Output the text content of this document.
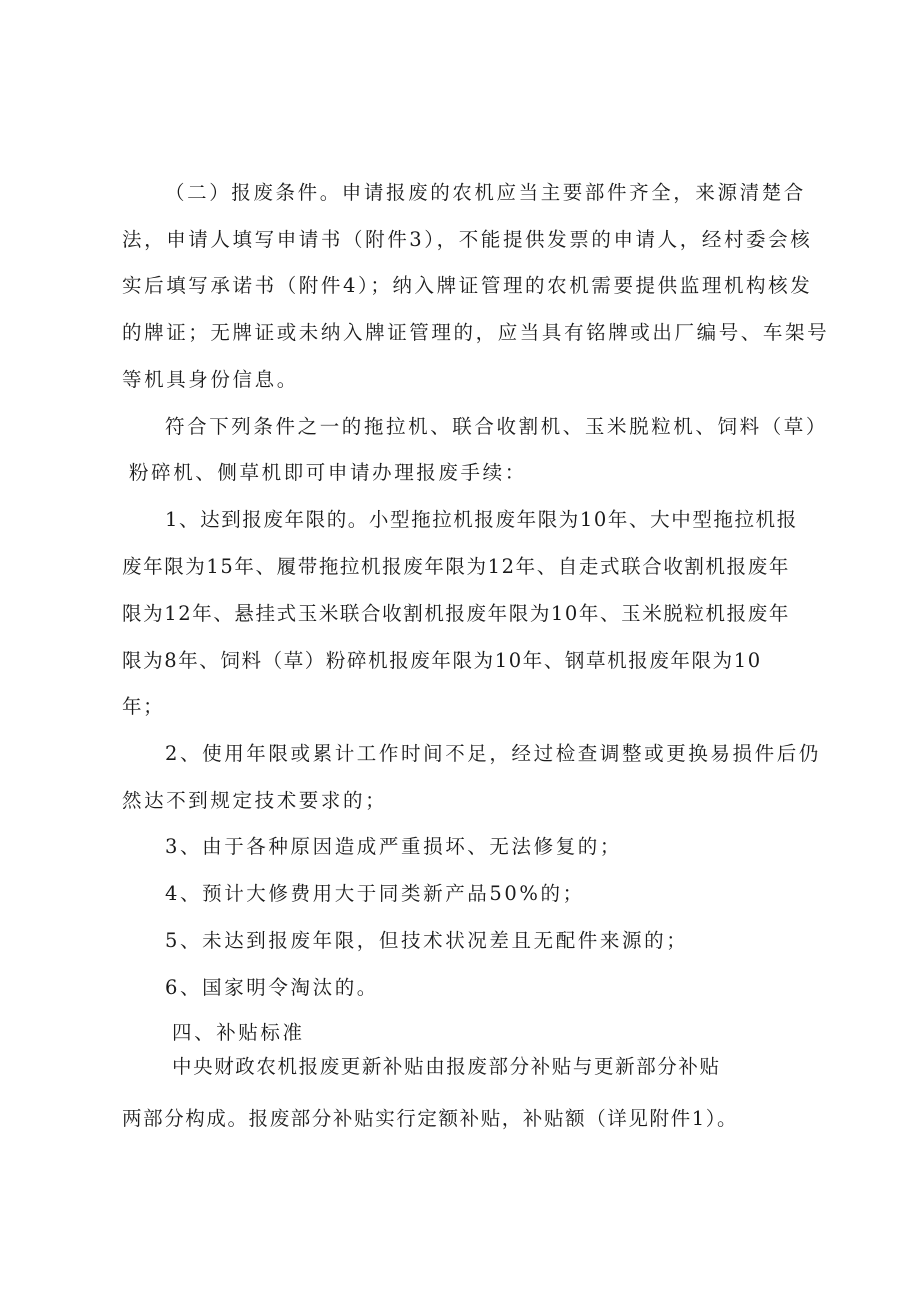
（二）报废条件。申请报废的农机应当主要部件齐全，来源清楚合
法，申请人填写申请书（附件3），不能提供发票的申请人，经村委会核
实后填写承诺书（附件4）；纳入牌证管理的农机需要提供监理机构核发
的牌证；无牌证或未纳入牌证管理的，应当具有铭牌或出厂编号、车架号
等机具身份信息。
符合下列条件之一的拖拉机、联合收割机、玉米脱粒机、饲料（草）
粉碎机、侧草机即可申请办理报废手续：
1、达到报废年限的。小型拖拉机报废年限为10年、大中型拖拉机报
废年限为15年、履带拖拉机报废年限为12年、自走式联合收割机报废年
限为12年、悬挂式玉米联合收割机报废年限为10年、玉米脱粒机报废年
限为8年、饲料（草）粉碎机报废年限为10年、钢草机报废年限为10
年；
2、使用年限或累计工作时间不足，经过检查调整或更换易损件后仍
然达不到规定技术要求的；
3、由于各种原因造成严重损坏、无法修复的；
4、预计大修费用大于同类新产品50%的；
5、未达到报废年限，但技术状况差且无配件来源的；
6、国家明令淘汰的。
四、补贴标准
中央财政农机报废更新补贴由报废部分补贴与更新部分补贴
两部分构成。报废部分补贴实行定额补贴，补贴额（详见附件1）。
